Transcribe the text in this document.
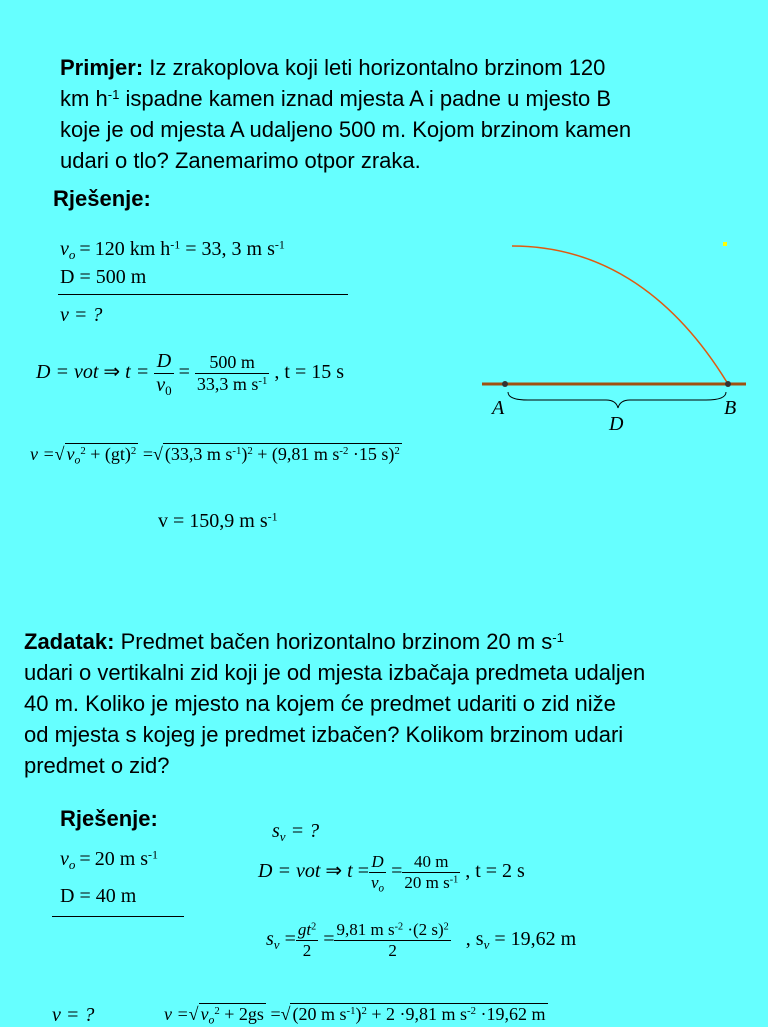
Primjer: Iz zrakoplova koji leti horizontalno brzinom 120
km $h^{-1}$ ispadne kamen iznad mjesta A i padne u mjesto B
koje je od mjesta A udaljeno 500 m. Kojom brzinom kamen
udari o tlo? Zanemarimo otpor zraka.
Rješenje:
$v_o = 120$ km $h^{-1} = 33$, 3 m $s^{-1}$
D = 500 m
v = ?
D = vot ⇒ $t = \frac{D}{v_0} = \frac{500 m}{33,3 m s^{-1}}$ , t = 15 s
v =√ $v_o^2 + (gt)^2$ =√ (33,3 m $s^{-1})^2 + (9,81$ m $s^{-2} \cdot 15$ s)$^2$
v = 150,9 m $s^{-1}$
A	B
D
Zadatak: Predmet bačen horizontalno brzinom 20 m $s^{-1}$
udari o vertikalni zid koji je od mjesta izbačaja predmeta udaljen
40 m. Koliko je mjesto na kojem će predmet udariti o zid niže
od mjesta s kojeg je predmet izbačen? Kolikom brzinom udari
predmet o zid?
Rješenje:
$v_o = 20$ m $s^{-1}$
D = 40 m
$s_v$ = ?
D = vot ⇒ $t = \frac{D}{v_o} = \frac{40 m}{20 m s^{-1}}$ , t = 2 s
$s_v = \frac{gt^2}{2} = \frac{9,81 m s^{-2} \cdot(2 s)^2}{2}$ , $s_v = 19,62$ m
v = ?	v =√ $v_o^2 + 2gs$ =√ (20 m $s^{-1})^2 + 2 \cdot 9,81$ m $s^{-2} \cdot 19,62$ m
